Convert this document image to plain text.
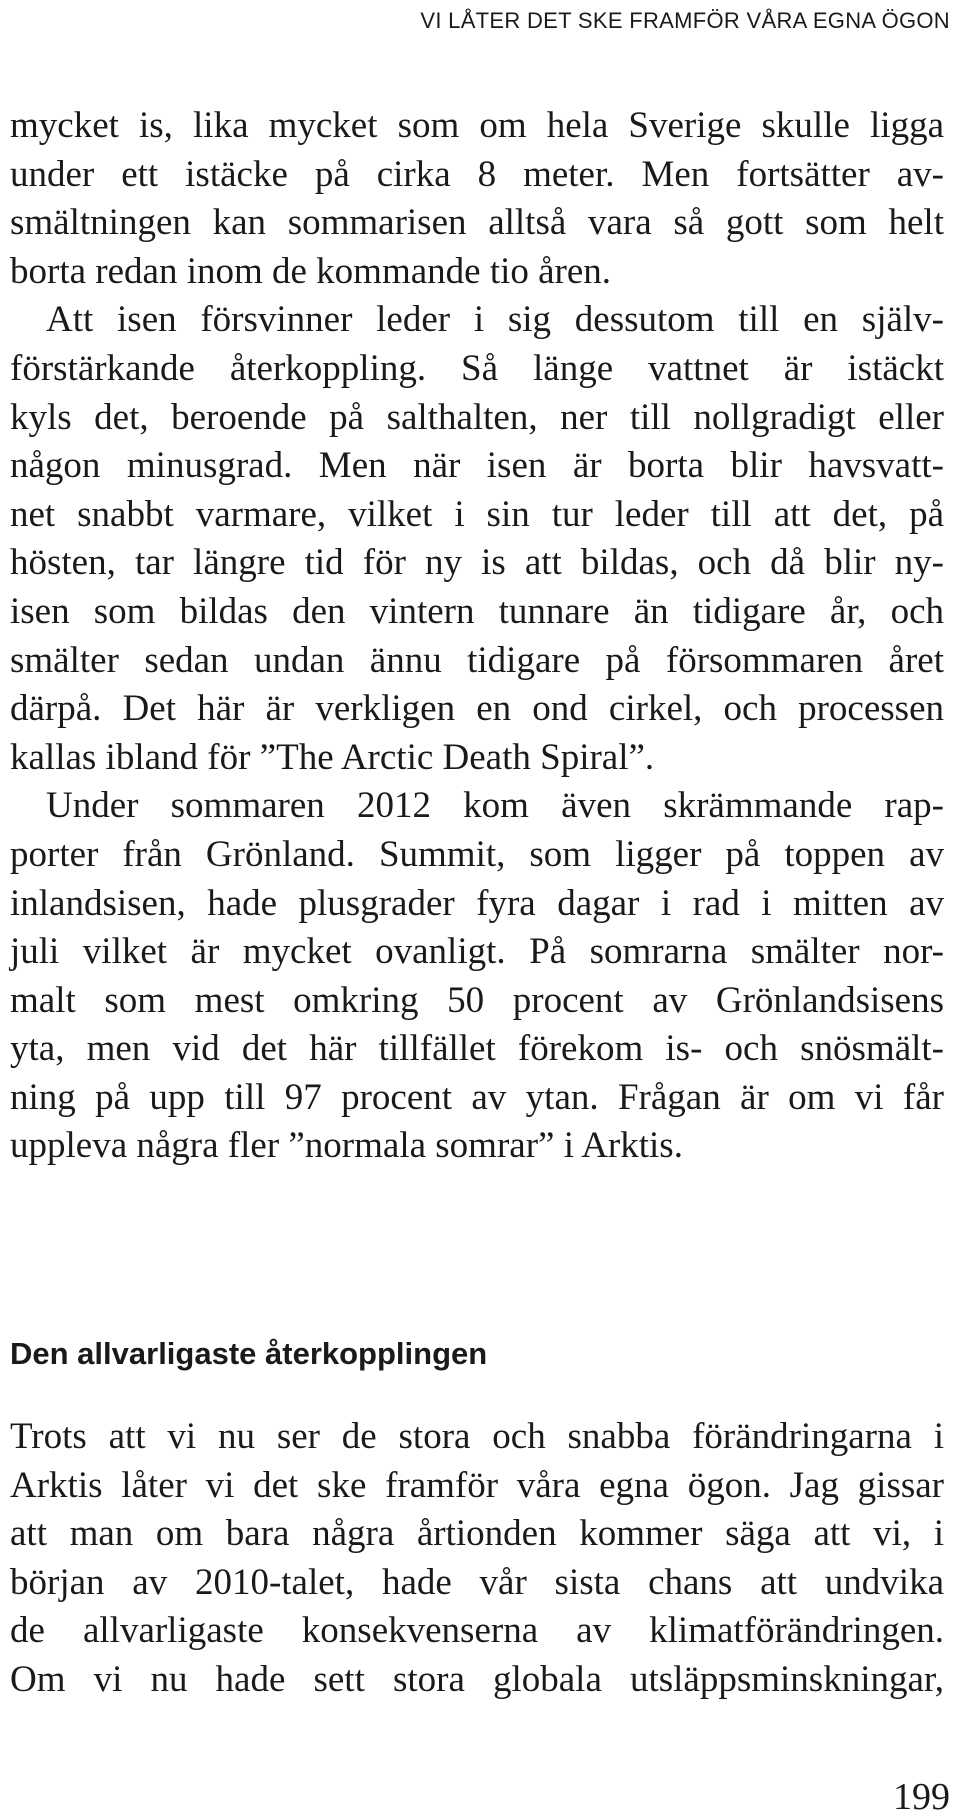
VI LÅTER DET SKE FRAMFÖR VÅRA EGNA ÖGON
mycket is, lika mycket som om hela Sverige skulle ligga
under ett istäcke på cirka 8 meter. Men fortsätter av-
smältningen kan sommarisen alltså vara så gott som helt
borta redan inom de kommande tio åren.
Att isen försvinner leder i sig dessutom till en själv-
förstärkande återkoppling. Så länge vattnet är istäckt
kyls det, beroende på salthalten, ner till nollgradigt eller
någon minusgrad. Men när isen är borta blir havsvatt-
net snabbt varmare, vilket i sin tur leder till att det, på
hösten, tar längre tid för ny is att bildas, och då blir ny-
isen som bildas den vintern tunnare än tidigare år, och
smälter sedan undan ännu tidigare på försommaren året
därpå. Det här är verkligen en ond cirkel, och processen
kallas ibland för ”The Arctic Death Spiral”.
Under sommaren 2012 kom även skrämmande rap-
porter från Grönland. Summit, som ligger på toppen av
inlandsisen, hade plusgrader fyra dagar i rad i mitten av
juli vilket är mycket ovanligt. På somrarna smälter nor-
malt som mest omkring 50 procent av Grönlandsisens
yta, men vid det här tillfället förekom is- och snösmält-
ning på upp till 97 procent av ytan. Frågan är om vi får
uppleva några fler ”normala somrar” i Arktis.
Den allvarligaste återkopplingen
Trots att vi nu ser de stora och snabba förändringarna i
Arktis låter vi det ske framför våra egna ögon. Jag gissar
att man om bara några årtionden kommer säga att vi, i
början av 2010-talet, hade vår sista chans att undvika
de allvarligaste konsekvenserna av klimatförändringen.
Om vi nu hade sett stora globala utsläppsminskningar,
199
